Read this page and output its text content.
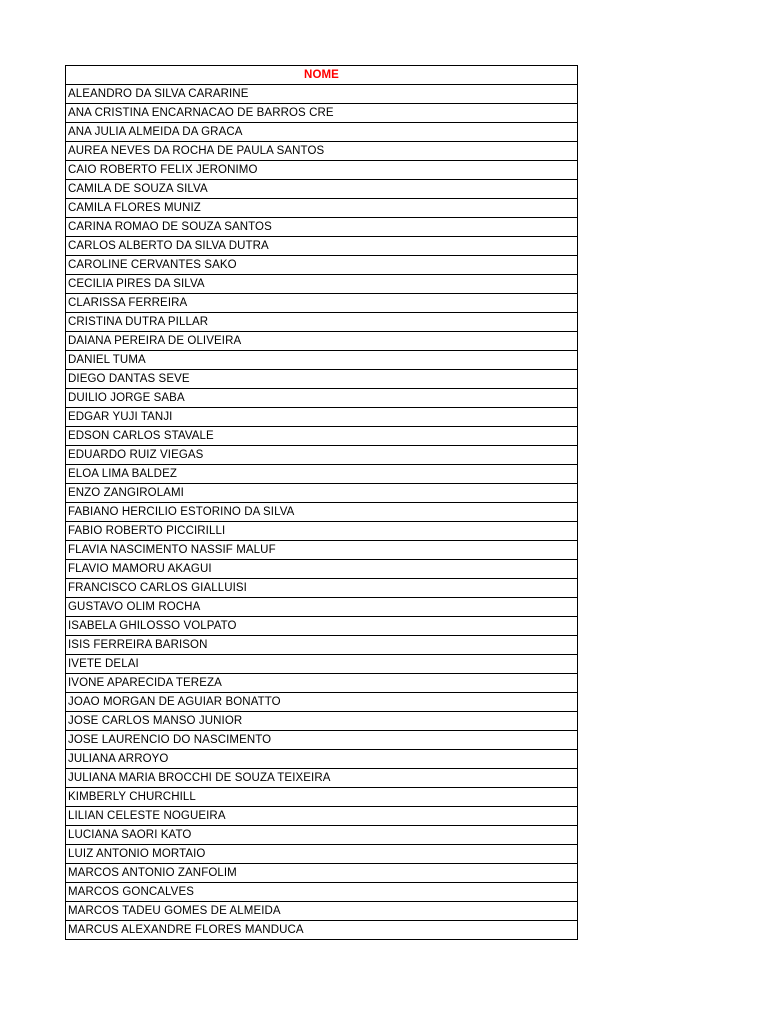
NOME
ALEANDRO DA SILVA CARARINE
ANA CRISTINA ENCARNACAO DE BARROS CRE
ANA JULIA ALMEIDA DA GRACA
AUREA NEVES DA ROCHA DE PAULA SANTOS
CAIO ROBERTO FELIX JERONIMO
CAMILA DE SOUZA SILVA
CAMILA FLORES MUNIZ
CARINA ROMAO DE SOUZA SANTOS
CARLOS ALBERTO DA SILVA DUTRA
CAROLINE CERVANTES SAKO
CECILIA PIRES DA SILVA
CLARISSA FERREIRA
CRISTINA DUTRA PILLAR
DAIANA PEREIRA DE OLIVEIRA
DANIEL TUMA
DIEGO DANTAS SEVE
DUILIO JORGE SABA
EDGAR YUJI TANJI
EDSON CARLOS STAVALE
EDUARDO RUIZ VIEGAS
ELOA LIMA BALDEZ
ENZO ZANGIROLAMI
FABIANO HERCILIO ESTORINO DA SILVA
FABIO ROBERTO PICCIRILLI
FLAVIA NASCIMENTO NASSIF MALUF
FLAVIO MAMORU AKAGUI
FRANCISCO CARLOS GIALLUISI
GUSTAVO OLIM ROCHA
ISABELA GHILOSSO VOLPATO
ISIS FERREIRA BARISON
IVETE DELAI
IVONE APARECIDA TEREZA
JOAO MORGAN DE AGUIAR BONATTO
JOSE CARLOS MANSO JUNIOR
JOSE LAURENCIO DO NASCIMENTO
JULIANA ARROYO
JULIANA MARIA BROCCHI DE SOUZA TEIXEIRA
KIMBERLY CHURCHILL
LILIAN CELESTE NOGUEIRA
LUCIANA SAORI KATO
LUIZ ANTONIO MORTAIO
MARCOS ANTONIO ZANFOLIM
MARCOS GONCALVES
MARCOS TADEU GOMES DE ALMEIDA
MARCUS ALEXANDRE FLORES MANDUCA
